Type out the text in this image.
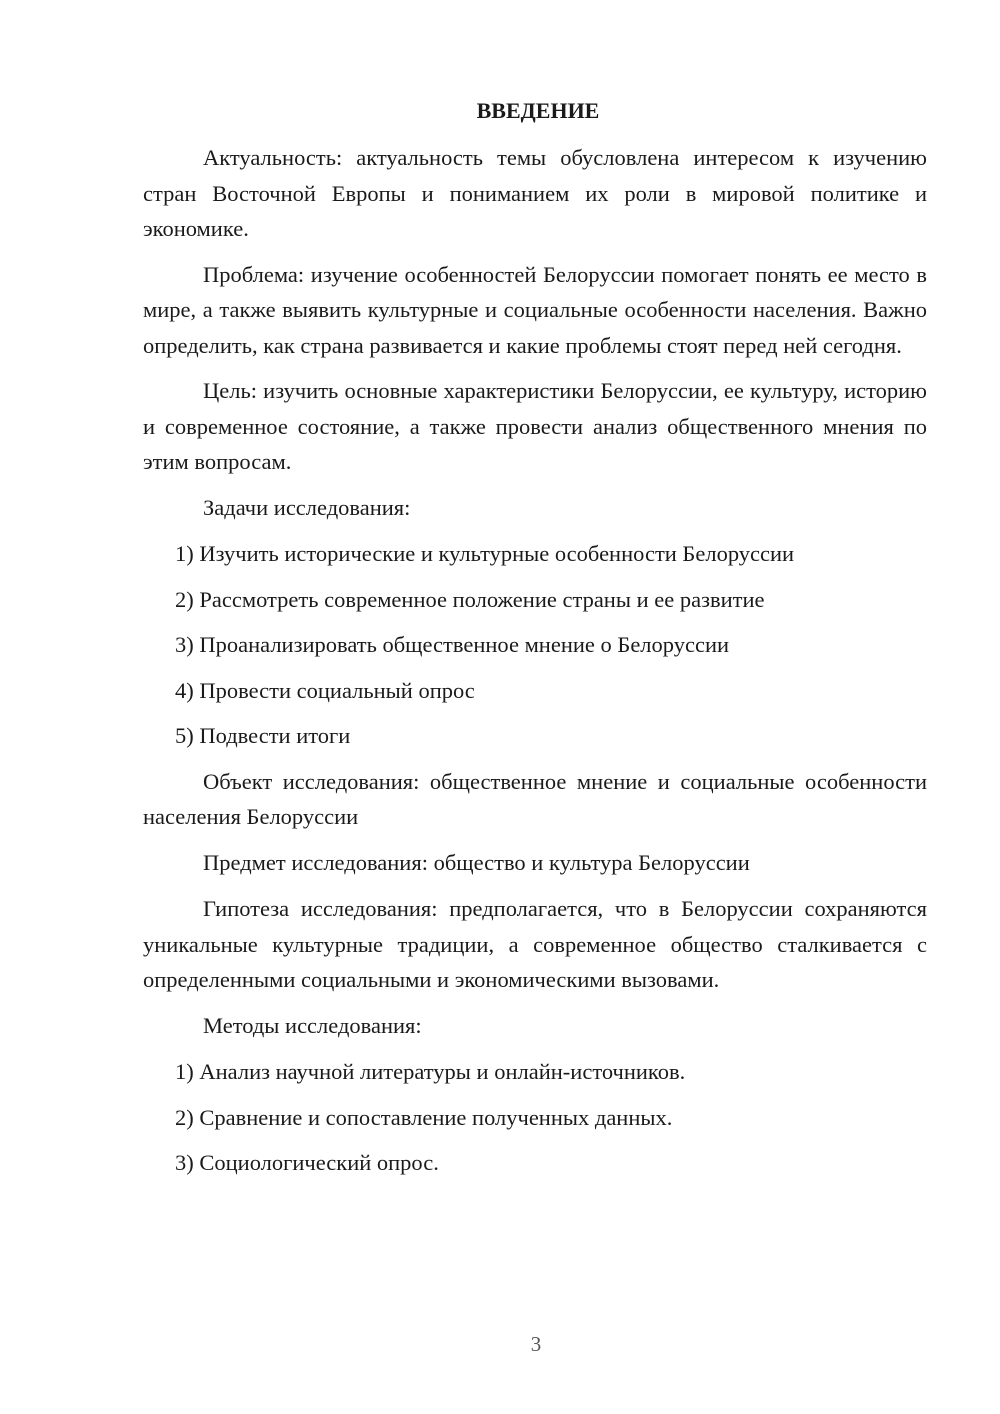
ВВЕДЕНИЕ

Актуальность: актуальность темы обусловлена интересом к изучению стран Восточной Европы и пониманием их роли в мировой политике и экономике.

Проблема: изучение особенностей Белоруссии помогает понять ее место в мире, а также выявить культурные и социальные особенности населения. Важно определить, как страна развивается и какие проблемы стоят перед ней сегодня.

Цель: изучить основные характеристики Белоруссии, ее культуру, историю и современное состояние, а также провести анализ общественного мнения по этим вопросам.

Задачи исследования:

1) Изучить исторические и культурные особенности Белоруссии
2) Рассмотреть современное положение страны и ее развитие
3) Проанализировать общественное мнение о Белоруссии
4) Провести социальный опрос
5) Подвести итоги

Объект исследования: общественное мнение и социальные особенности населения Белоруссии

Предмет исследования: общество и культура Белоруссии

Гипотеза исследования: предполагается, что в Белоруссии сохраняются уникальные культурные традиции, а современное общество сталкивается с определенными социальными и экономическими вызовами.

Методы исследования:

1) Анализ научной литературы и онлайн-источников.
2) Сравнение и сопоставление полученных данных.
3) Социологический опрос.
3
